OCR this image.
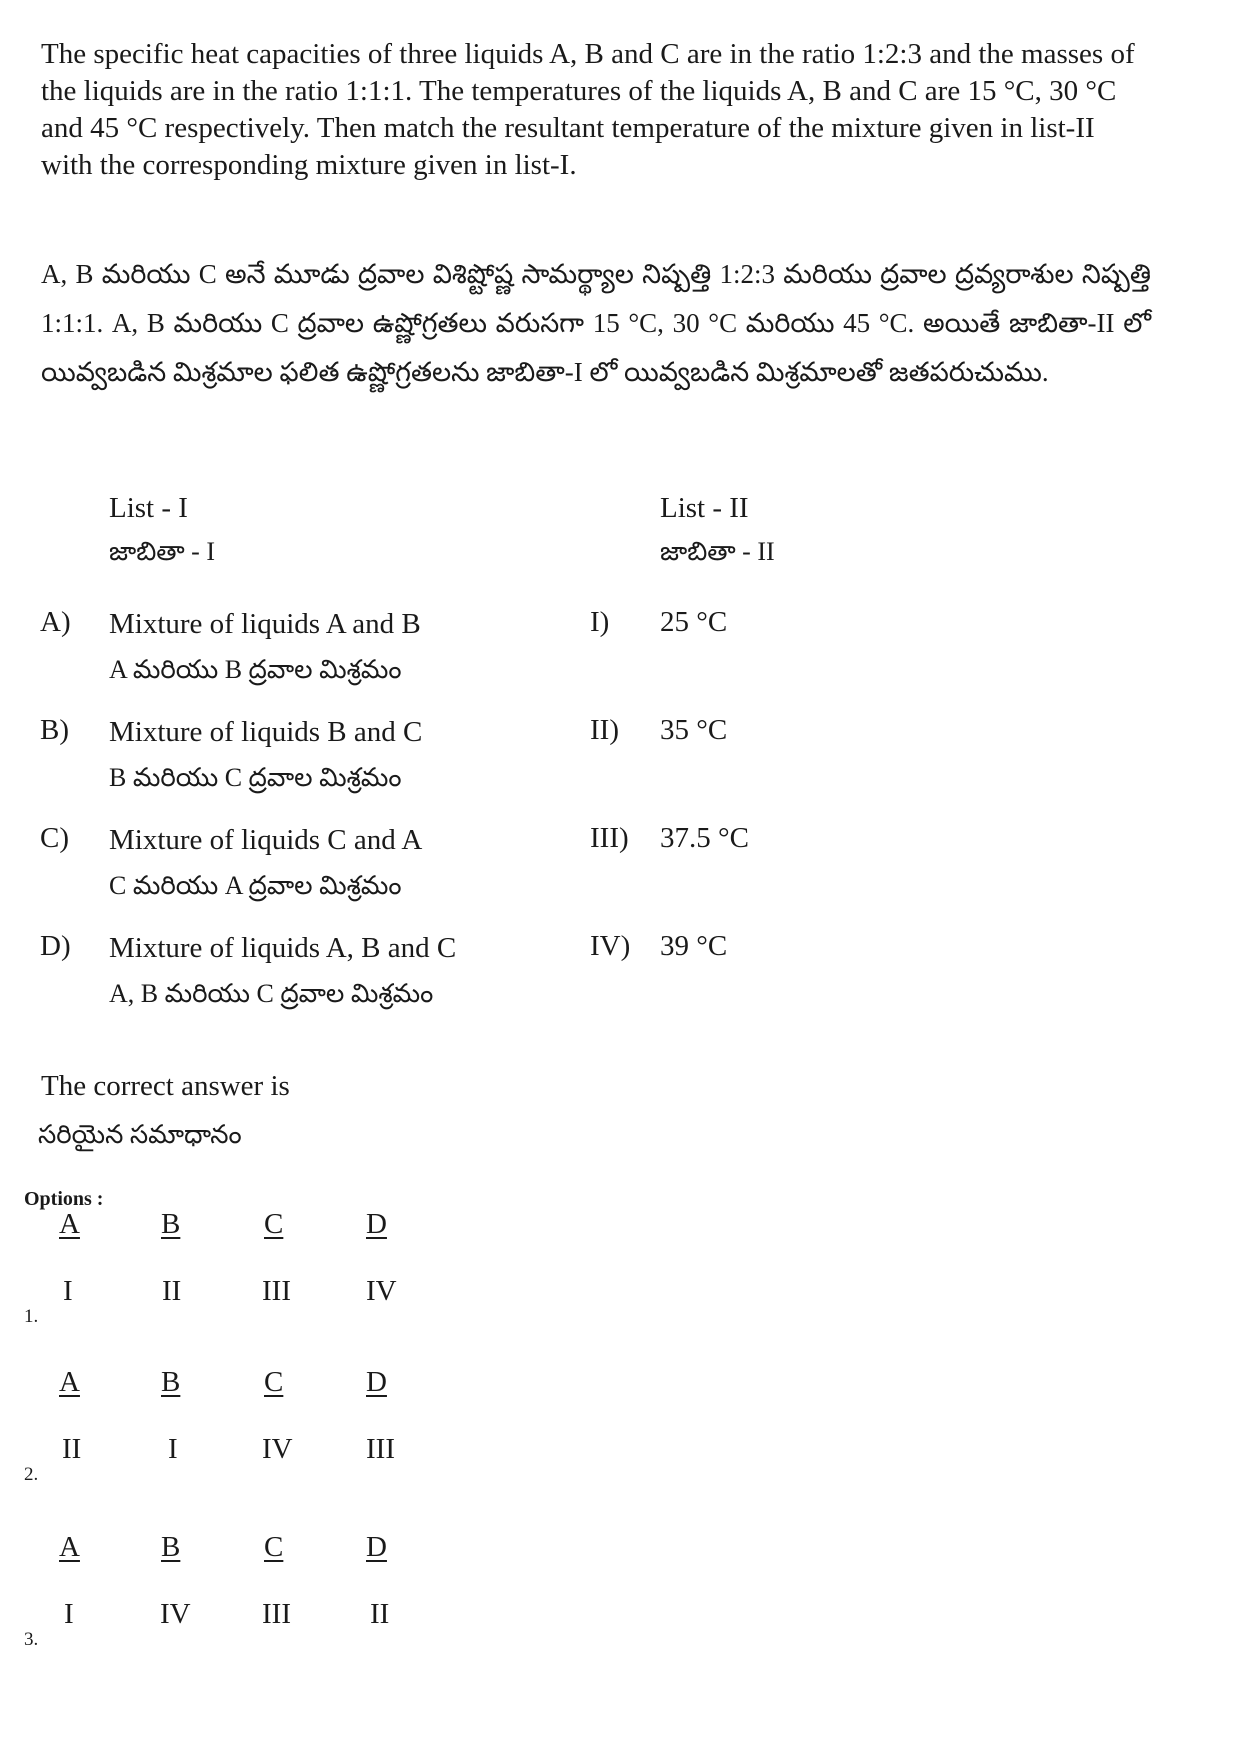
The specific heat capacities of three liquids A, B and C are in the ratio 1:2:3 and the masses of the liquids are in the ratio 1:1:1. The temperatures of the liquids A, B and C are 15 °C, 30 °C and 45 °C respectively. Then match the resultant temperature of the mixture given in list-II with the corresponding mixture given in list-I.
A, B మరియు C అనే మూడు ద్రవాల విశిష్టోష్ణ సామర్థ్యాల నిష్పత్తి 1:2:3 మరియు ద్రవాల ద్రవ్యరాశుల నిష్పత్తి 1:1:1. A, B మరియు C ద్రవాల ఉష్ణోగ్రతలు వరుసగా 15 °C, 30 °C మరియు 45 °C. అయితే జాబితా-II లో యివ్వబడిన మిశ్రమాల ఫలిత ఉష్ణోగ్రతలను జాబితా-I లో యివ్వబడిన మిశ్రమాలతో జతపరుచుము.
List - I
జాబితా - I
List - II
జాబితా - II
A) Mixture of liquids A and B
A మరియు B ద్రవాల మిశ్రమం
I) 25 °C
B) Mixture of liquids B and C
B మరియు C ద్రవాల మిశ్రమం
II) 35 °C
C) Mixture of liquids C and A
C మరియు A ద్రవాల మిశ్రమం
III) 37.5 °C
D) Mixture of liquids A, B and C
A, B మరియు C ద్రవాల మిశ్రమం
IV) 39 °C
The correct answer is
సరియైన సమాధానం
Options :
A	B	C	D
I	II	III	IV
1.
A	B	C	D
II	I	IV	III
2.
A	B	C	D
I	IV III	II
3.
